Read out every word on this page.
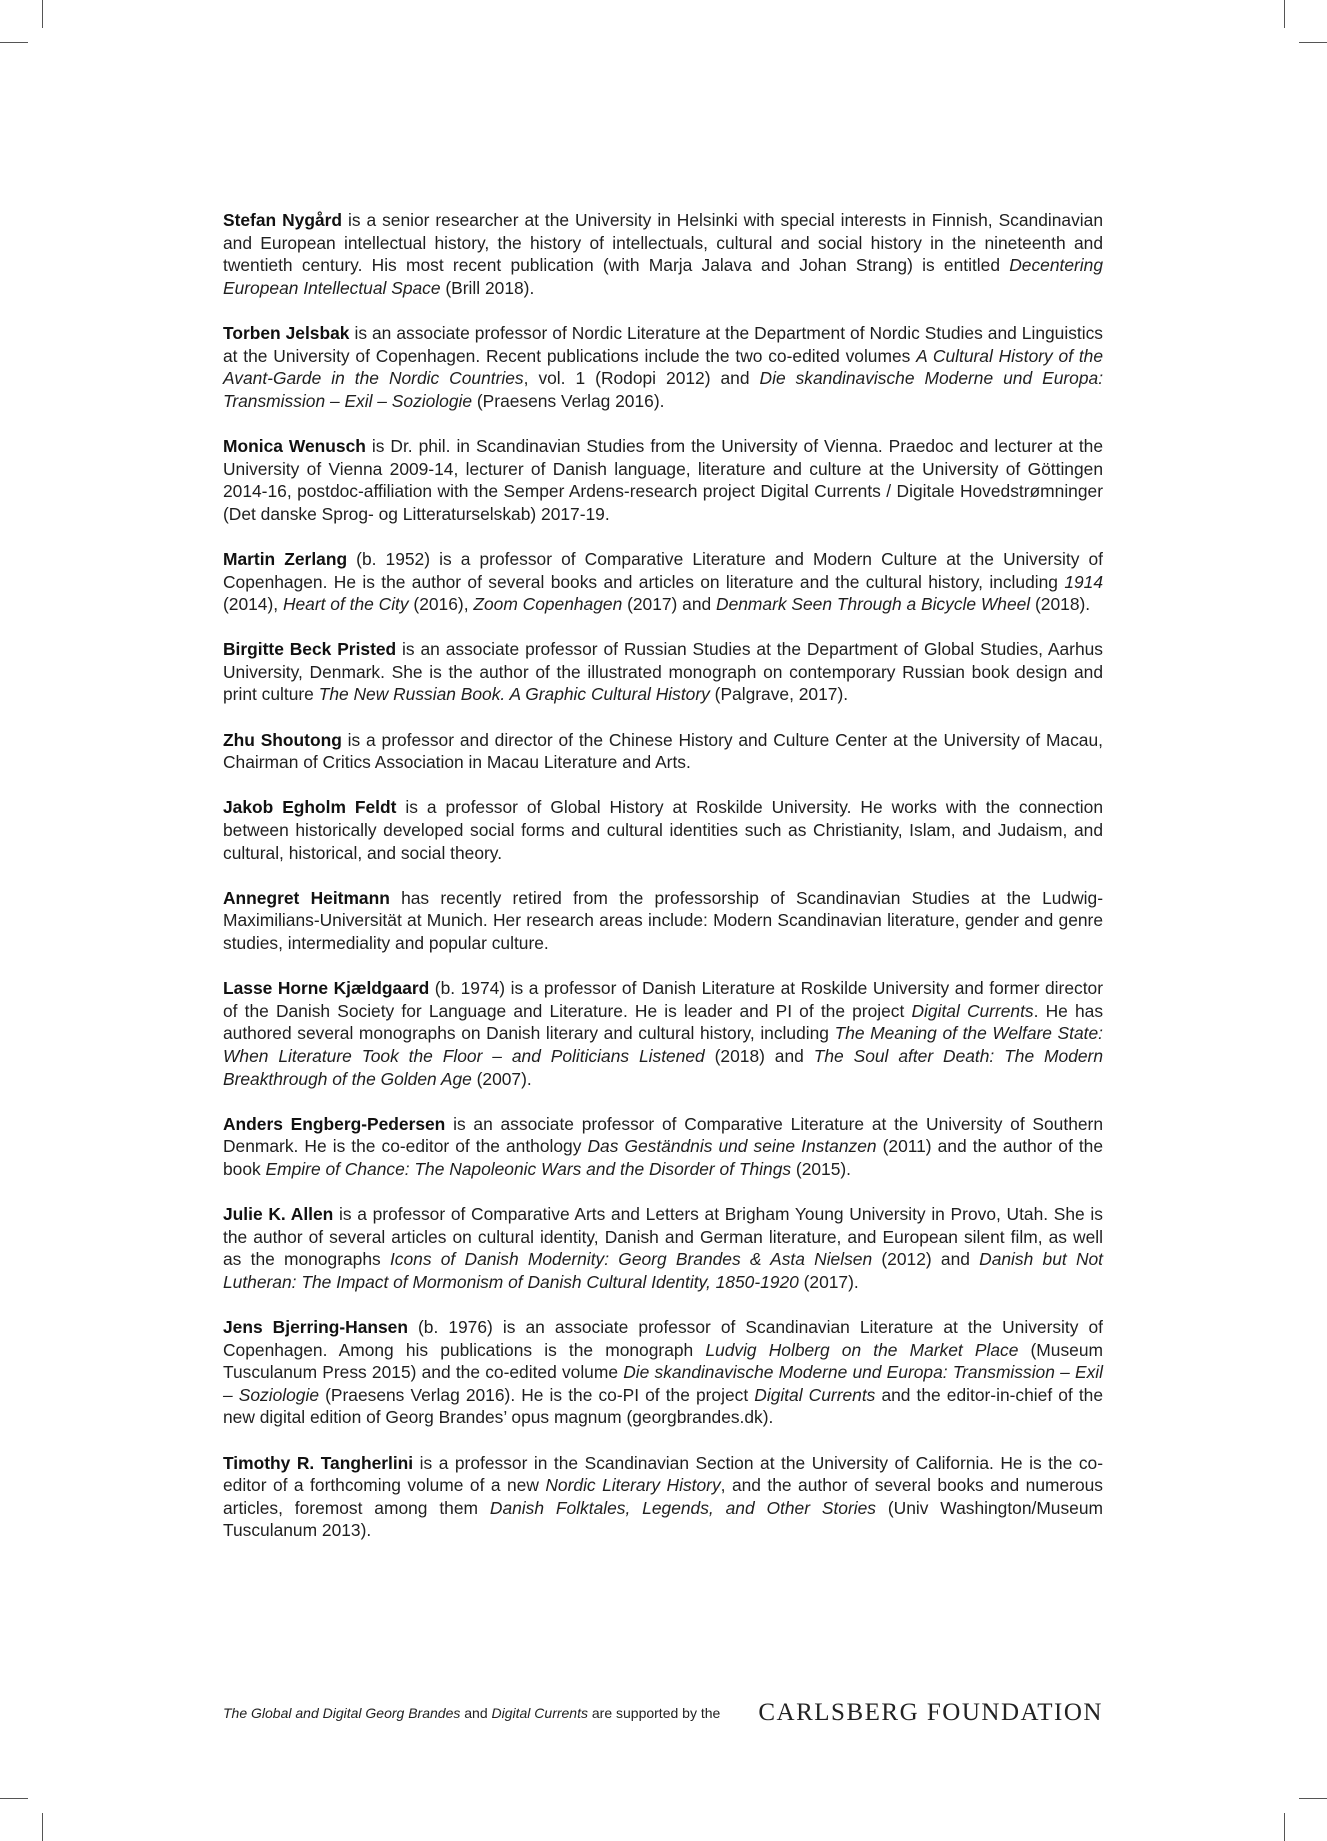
Stefan Nygård is a senior researcher at the University in Helsinki with special interests in Finnish, Scandinavian and European intellectual history, the history of intellectuals, cultural and social history in the nineteenth and twentieth century. His most recent publication (with Marja Jalava and Johan Strang) is entitled Decentering European Intellectual Space (Brill 2018).

Torben Jelsbak is an associate professor of Nordic Literature at the Department of Nordic Studies and Linguistics at the University of Copenhagen. Recent publications include the two co-edited volumes A Cultural History of the Avant-Garde in the Nordic Countries, vol. 1 (Rodopi 2012) and Die skandinavische Moderne und Europa: Transmission – Exil – Soziologie (Praesens Verlag 2016).

Monica Wenusch is Dr. phil. in Scandinavian Studies from the University of Vienna. Praedoc and lecturer at the University of Vienna 2009-14, lecturer of Danish language, literature and culture at the University of Göttingen 2014-16, postdoc-affiliation with the Semper Ardens-research project Digital Currents / Digitale Hovedstrømninger (Det danske Sprog- og Litteraturselskab) 2017-19.

Martin Zerlang (b. 1952) is a professor of Comparative Literature and Modern Culture at the University of Copenhagen. He is the author of several books and articles on literature and the cultural history, including 1914 (2014), Heart of the City (2016), Zoom Copenhagen (2017) and Denmark Seen Through a Bicycle Wheel (2018).

Birgitte Beck Pristed is an associate professor of Russian Studies at the Department of Global Studies, Aarhus University, Denmark. She is the author of the illustrated monograph on contemporary Russian book design and print culture The New Russian Book. A Graphic Cultural History (Palgrave, 2017).

Zhu Shoutong is a professor and director of the Chinese History and Culture Center at the University of Macau, Chairman of Critics Association in Macau Literature and Arts.

Jakob Egholm Feldt is a professor of Global History at Roskilde University. He works with the connection between historically developed social forms and cultural identities such as Christianity, Islam, and Judaism, and cultural, historical, and social theory.

Annegret Heitmann has recently retired from the professorship of Scandinavian Studies at the Ludwig-Maximilians-Universität at Munich. Her research areas include: Modern Scandinavian literature, gender and genre studies, intermediality and popular culture.

Lasse Horne Kjældgaard (b. 1974) is a professor of Danish Literature at Roskilde University and former director of the Danish Society for Language and Literature. He is leader and PI of the project Digital Currents. He has authored several monographs on Danish literary and cultural history, including The Meaning of the Welfare State: When Literature Took the Floor – and Politicians Listened (2018) and The Soul after Death: The Modern Breakthrough of the Golden Age (2007).

Anders Engberg-Pedersen is an associate professor of Comparative Literature at the University of Southern Denmark. He is the co-editor of the anthology Das Geständnis und seine Instanzen (2011) and the author of the book Empire of Chance: The Napoleonic Wars and the Disorder of Things (2015).

Julie K. Allen is a professor of Comparative Arts and Letters at Brigham Young University in Provo, Utah. She is the author of several articles on cultural identity, Danish and German literature, and European silent film, as well as the monographs Icons of Danish Modernity: Georg Brandes & Asta Nielsen (2012) and Danish but Not Lutheran: The Impact of Mormonism of Danish Cultural Identity, 1850-1920 (2017).

Jens Bjerring-Hansen (b. 1976) is an associate professor of Scandinavian Literature at the University of Copenhagen. Among his publications is the monograph Ludvig Holberg on the Market Place (Museum Tusculanum Press 2015) and the co-edited volume Die skandinavische Moderne und Europa: Transmission – Exil – Soziologie (Praesens Verlag 2016). He is the co-PI of the project Digital Currents and the editor-in-chief of the new digital edition of Georg Brandes’ opus magnum (georgbrandes.dk).

Timothy R. Tangherlini is a professor in the Scandinavian Section at the University of California. He is the co-editor of a forthcoming volume of a new Nordic Literary History, and the author of several books and numerous articles, foremost among them Danish Folktales, Legends, and Other Stories (Univ Washington/Museum Tusculanum 2013).

The Global and Digital Georg Brandes and Digital Currents are supported by the CARLSBERG FOUNDATION
